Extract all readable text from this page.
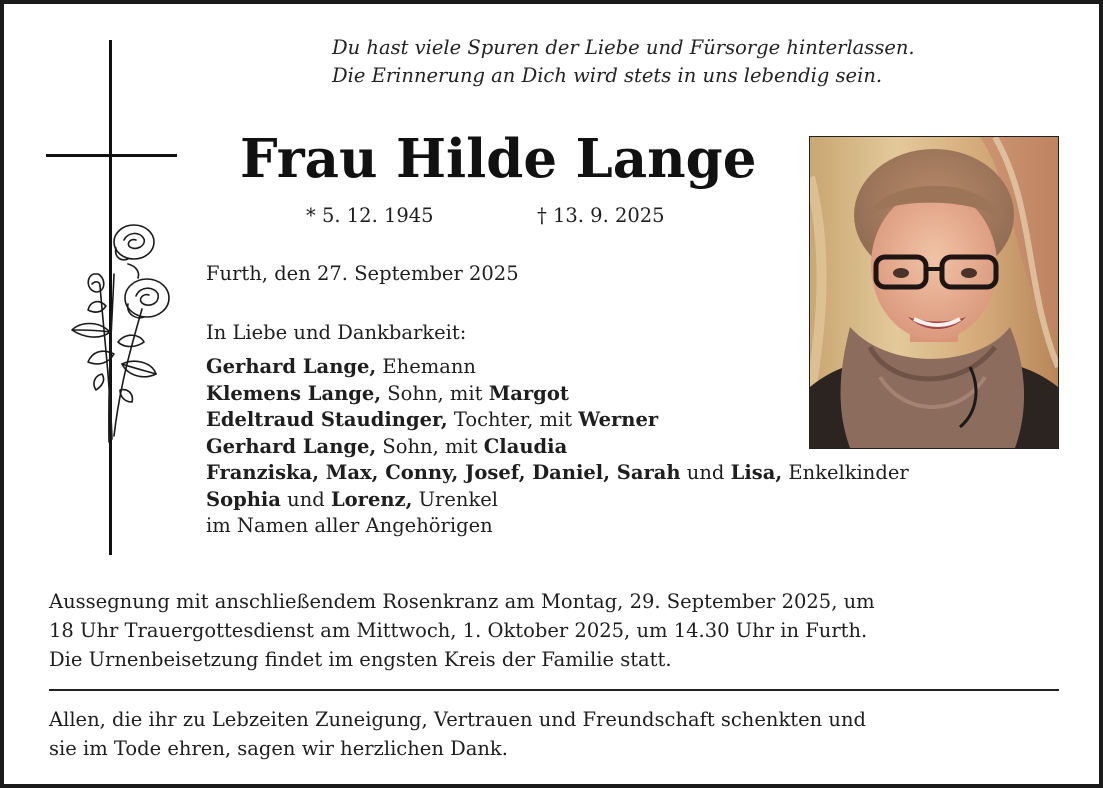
Du hast viele Spuren der Liebe und Fürsorge hinterlassen.
Die Erinnerung an Dich wird stets in uns lebendig sein.
Frau Hilde Lange
* 5. 12. 1945	† 13. 9. 2025
Furth, den 27. September 2025
In Liebe und Dankbarkeit:
Gerhard Lange, Ehemann
Klemens Lange, Sohn, mit Margot
Edeltraud Staudinger, Tochter, mit Werner
Gerhard Lange, Sohn, mit Claudia
Franziska, Max, Conny, Josef, Daniel, Sarah und Lisa, Enkelkinder
Sophia und Lorenz, Urenkel
im Namen aller Angehörigen
Aussegnung mit anschließendem Rosenkranz am Montag, 29. September 2025, um
18 Uhr Trauergottesdienst am Mittwoch, 1. Oktober 2025, um 14.30 Uhr in Furth.
Die Urnenbeisetzung findet im engsten Kreis der Familie statt.
Allen, die ihr zu Lebzeiten Zuneigung, Vertrauen und Freundschaft schenkten und
sie im Tode ehren, sagen wir herzlichen Dank.
